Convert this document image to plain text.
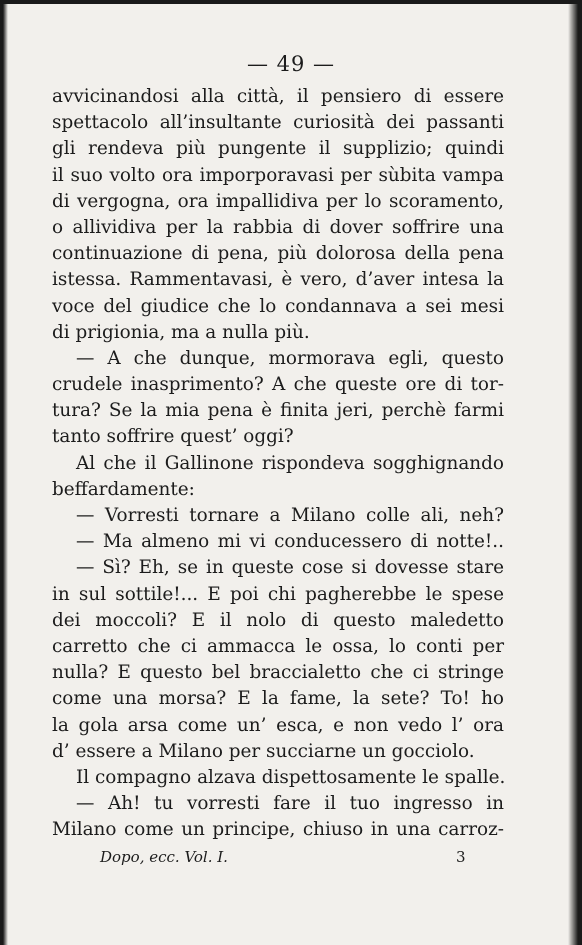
— 49 —
avvicinandosi alla città, il pensiero di essere
spettacolo all’insultante curiosità dei passanti
gli rendeva più pungente il supplizio; quindi
il suo volto ora imporporavasi per sùbita vampa
di vergogna, ora impallidiva per lo scoramento,
o allividiva per la rabbia di dover soffrire una
continuazione di pena, più dolorosa della pena
istessa. Rammentavasi, è vero, d’aver intesa la
voce del giudice che lo condannava a sei mesi
di prigionia, ma a nulla più.
— A che dunque, mormorava egli, questo
crudele inasprimento? A che queste ore di tor-
tura? Se la mia pena è finita jeri, perchè farmi
tanto soffrire quest’ oggi?
Al che il Gallinone rispondeva sogghignando
beffardamente:
— Vorresti tornare a Milano colle ali, neh?
— Ma almeno mi vi conducessero di notte!..
— Sì? Eh, se in queste cose si dovesse stare
in sul sottile!... E poi chi pagherebbe le spese
dei moccoli? E il nolo di questo maledetto
carretto che ci ammacca le ossa, lo conti per
nulla? E questo bel braccialetto che ci stringe
come una morsa? E la fame, la sete? To! ho
la gola arsa come un’ esca, e non vedo l’ ora
d’ essere a Milano per succiarne un gocciolo.
Il compagno alzava dispettosamente le spalle.
— Ah! tu vorresti fare il tuo ingresso in
Milano come un principe, chiuso in una carroz-
Dopo, ecc. Vol. I.	3
